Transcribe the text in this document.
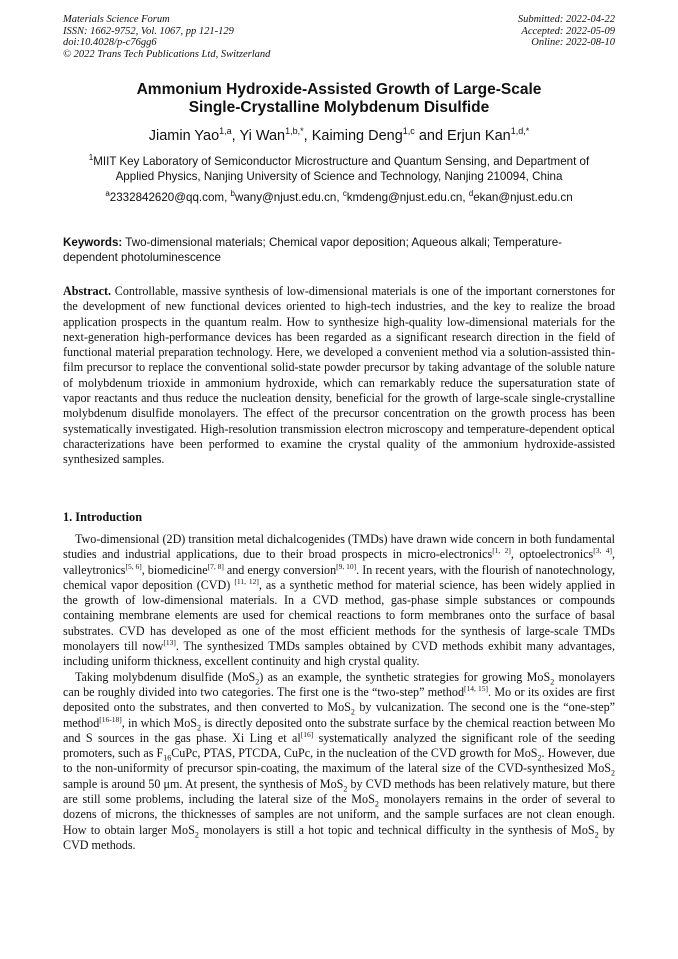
Materials Science Forum
ISSN: 1662-9752, Vol. 1067, pp 121-129
doi:10.4028/p-c76gg6
© 2022 Trans Tech Publications Ltd, Switzerland
Submitted: 2022-04-22
Accepted: 2022-05-09
Online: 2022-08-10
Ammonium Hydroxide-Assisted Growth of Large-Scale
Single-Crystalline Molybdenum Disulfide
Jiamin Yao$^{1,a}$, Yi Wan$^{1,b,*}$, Kaiming Deng$^{1,c}$ and Erjun Kan$^{1,d,*}$
$^1$MIIT Key Laboratory of Semiconductor Microstructure and Quantum Sensing, and Department of
Applied Physics, Nanjing University of Science and Technology, Nanjing 210094, China
$^a$2332842620@qq.com, $^b$wany@njust.edu.cn, $^c$kmdeng@njust.edu.cn, $^d$ekan@njust.edu.cn
Keywords: Two-dimensional materials; Chemical vapor deposition; Aqueous alkali; Temperature-dependent photoluminescence
Abstract. Controllable, massive synthesis of low-dimensional materials is one of the important cornerstones for the development of new functional devices oriented to high-tech industries, and the key to realize the broad application prospects in the quantum realm. How to synthesize high-quality low-dimensional materials for the next-generation high-performance devices has been regarded as a significant research direction in the field of functional material preparation technology. Here, we developed a convenient method via a solution-assisted thin-film precursor to replace the conventional solid-state powder precursor by taking advantage of the soluble nature of molybdenum trioxide in ammonium hydroxide, which can remarkably reduce the supersaturation state of vapor reactants and thus reduce the nucleation density, beneficial for the growth of large-scale single-crystalline molybdenum disulfide monolayers. The effect of the precursor concentration on the growth process has been systematically investigated. High-resolution transmission electron microscopy and temperature-dependent optical characterizations have been performed to examine the crystal quality of the ammonium hydroxide-assisted synthesized samples.
1. Introduction

Two-dimensional (2D) transition metal dichalcogenides (TMDs) have drawn wide concern in both fundamental studies and industrial applications, due to their broad prospects in micro-electronics[1, 2], optoelectronics[3, 4], valleytronics[5, 6], biomedicine[7, 8] and energy conversion[9, 10]. In recent years, with the flourish of nanotechnology, chemical vapor deposition (CVD) [11, 12], as a synthetic method for material science, has been widely applied in the growth of low-dimensional materials. In a CVD method, gas-phase simple substances or compounds containing membrane elements are used for chemical reactions to form membranes onto the surface of basal substrates. CVD has developed as one of the most efficient methods for the synthesis of large-scale TMDs monolayers till now[13]. The synthesized TMDs samples obtained by CVD methods exhibit many advantages, including uniform thickness, excellent continuity and high crystal quality.

Taking molybdenum disulfide (MoS$_2$) as an example, the synthetic strategies for growing MoS$_2$ monolayers can be roughly divided into two categories. The first one is the “two-step” method[14, 15]. Mo or its oxides are first deposited onto the substrates, and then converted to MoS$_2$ by vulcanization. The second one is the “one-step” method[16-18], in which MoS$_2$ is directly deposited onto the substrate surface by the chemical reaction between Mo and S sources in the gas phase. Xi Ling et al[16] systematically analyzed the significant role of the seeding promoters, such as $F_{16}CuPc$, PTAS, PTCDA, CuPc, in the nucleation of the CVD growth for MoS$_2$. However, due to the non-uniformity of precursor spin-coating, the maximum of the lateral size of the CVD-synthesized MoS$_2$ sample is around 50 μm. At present, the synthesis of MoS$_2$ by CVD methods has been relatively mature, but there are still some problems, including the lateral size of the MoS$_2$ monolayers remains in the order of several to dozens of microns, the thicknesses of samples are not uniform, and the sample surfaces are not clean enough. How to obtain larger MoS$_2$ monolayers is still a hot topic and technical difficulty in the synthesis of MoS$_2$ by CVD methods.
